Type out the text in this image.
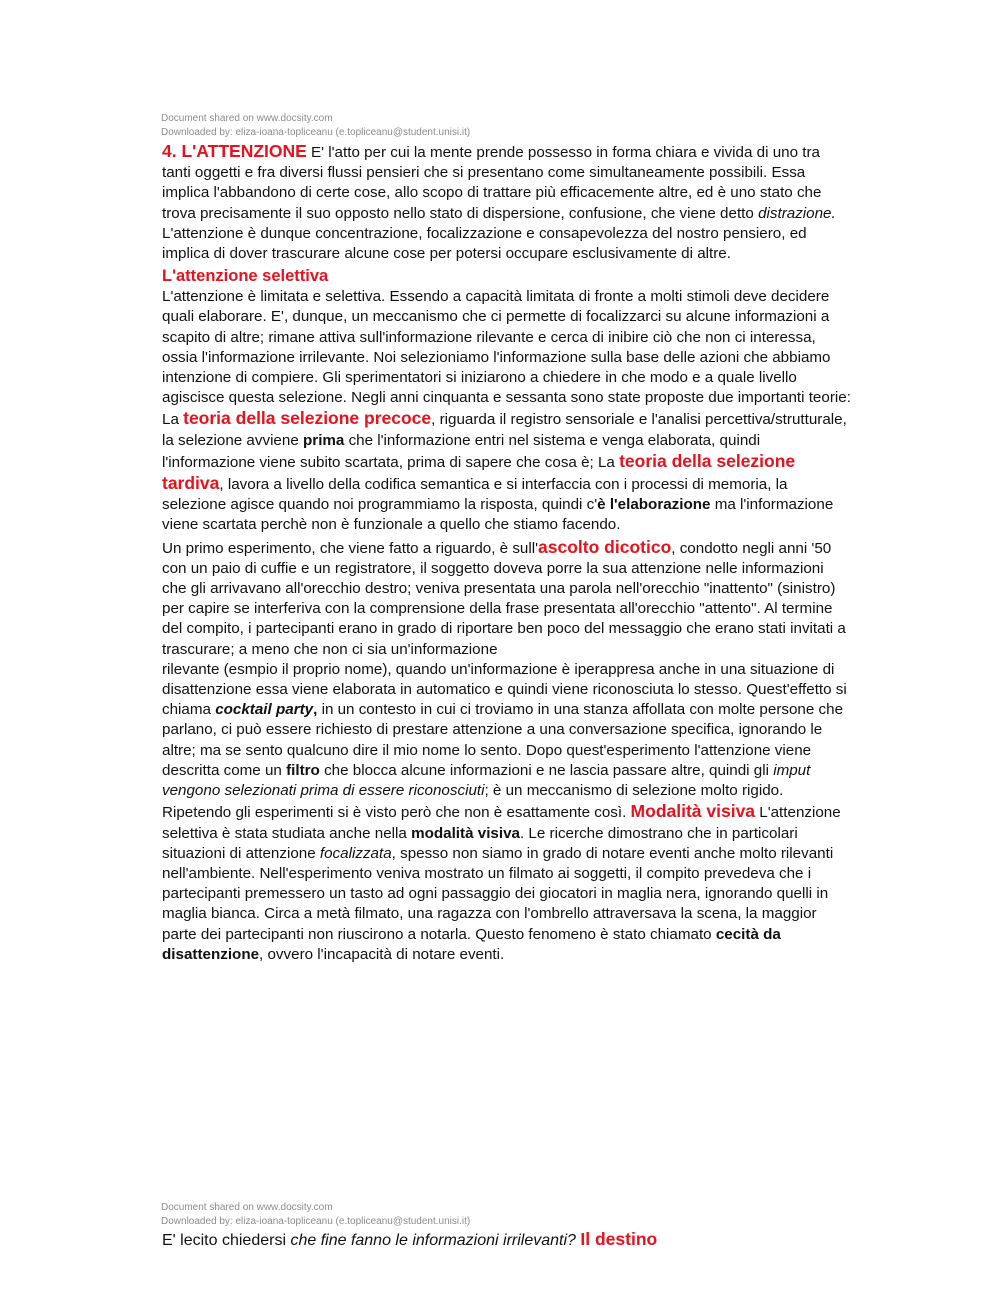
Document shared on www.docsity.com
Downloaded by: eliza-ioana-topliceanu (e.topliceanu@student.unisi.it)

4. L'ATTENZIONE E' l'atto per cui la mente prende possesso in forma chiara e vivida di uno tra tanti oggetti e fra diversi flussi pensieri che si presentano come simultaneamente possibili. Essa implica l'abbandono di certe cose, allo scopo di trattare più efficacemente altre, ed è uno stato che trova precisamente il suo opposto nello stato di dispersione, confusione, che viene detto distrazione. L'attenzione è dunque concentrazione, focalizzazione e consapevolezza del nostro pensiero, ed implica di dover trascurare alcune cose per potersi occupare esclusivamente di altre.

L'attenzione selettiva

L'attenzione è limitata e selettiva. Essendo a capacità limitata di fronte a molti stimoli deve decidere quali elaborare. E', dunque, un meccanismo che ci permette di focalizzarci su alcune informazioni a scapito di altre; rimane attiva sull'informazione rilevante e cerca di inibire ciò che non ci interessa, ossia l'informazione irrilevante. Noi selezioniamo l'informazione sulla base delle azioni che abbiamo intenzione di compiere. Gli sperimentatori si iniziarono a chiedere in che modo e a quale livello agiscisce questa selezione. Negli anni cinquanta e sessanta sono state proposte due importanti teorie: La teoria della selezione precoce, riguarda il registro sensoriale e l'analisi percettiva/strutturale, la selezione avviene prima che l'informazione entri nel sistema e venga elaborata, quindi l'informazione viene subito scartata, prima di sapere che cosa è; La teoria della selezione tardiva, lavora a livello della codifica semantica e si interfaccia con i processi di memoria, la selezione agisce quando noi programmiamo la risposta, quindi c'è l'elaborazione ma l'informazione viene scartata perchè non è funzionale a quello che stiamo facendo.

Un primo esperimento, che viene fatto a riguardo, è sull'ascolto dicotico, condotto negli anni '50 con un paio di cuffie e un registratore, il soggetto doveva porre la sua attenzione nelle informazioni che gli arrivavano all'orecchio destro; veniva presentata una parola nell'orecchio "inattento" (sinistro) per capire se interferiva con la comprensione della frase presentata all'orecchio "attento". Al termine del compito, i partecipanti erano in grado di riportare ben poco del messaggio che erano stati invitati a trascurare; a meno che non ci sia un'informazione

rilevante (esmpio il proprio nome), quando un'informazione è iperappresa anche in una situazione di disattenzione essa viene elaborata in automatico e quindi viene riconosciuta lo stesso. Quest'effetto si chiama cocktail party, in un contesto in cui ci troviamo in una stanza affollata con molte persone che parlano, ci può essere richiesto di prestare attenzione a una conversazione specifica, ignorando le altre; ma se sento qualcuno dire il mio nome lo sento. Dopo quest'esperimento l'attenzione viene descritta come un filtro che blocca alcune informazioni e ne lascia passare altre, quindi gli imput vengono selezionati prima di essere riconosciuti; è un meccanismo di selezione molto rigido. Ripetendo gli esperimenti si è visto però che non è esattamente così. Modalità visiva L'attenzione selettiva è stata studiata anche nella modalità visiva. Le ricerche dimostrano che in particolari situazioni di attenzione focalizzata, spesso non siamo in grado di notare eventi anche molto rilevanti nell'ambiente. Nell'esperimento veniva mostrato un filmato ai soggetti, il compito prevedeva che i partecipanti premessero un tasto ad ogni passaggio dei giocatori in maglia nera, ignorando quelli in maglia bianca. Circa a metà filmato, una ragazza con l'ombrello attraversava la scena, la maggior parte dei partecipanti non riuscirono a notarla. Questo fenomeno è stato chiamato cecità da disattenzione, ovvero l'incapacità di notare eventi.

Document shared on www.docsity.com
Downloaded by: eliza-ioana-topliceanu (e.topliceanu@student.unisi.it)

E' lecito chiedersi che fine fanno le informazioni irrilevanti? Il destino
